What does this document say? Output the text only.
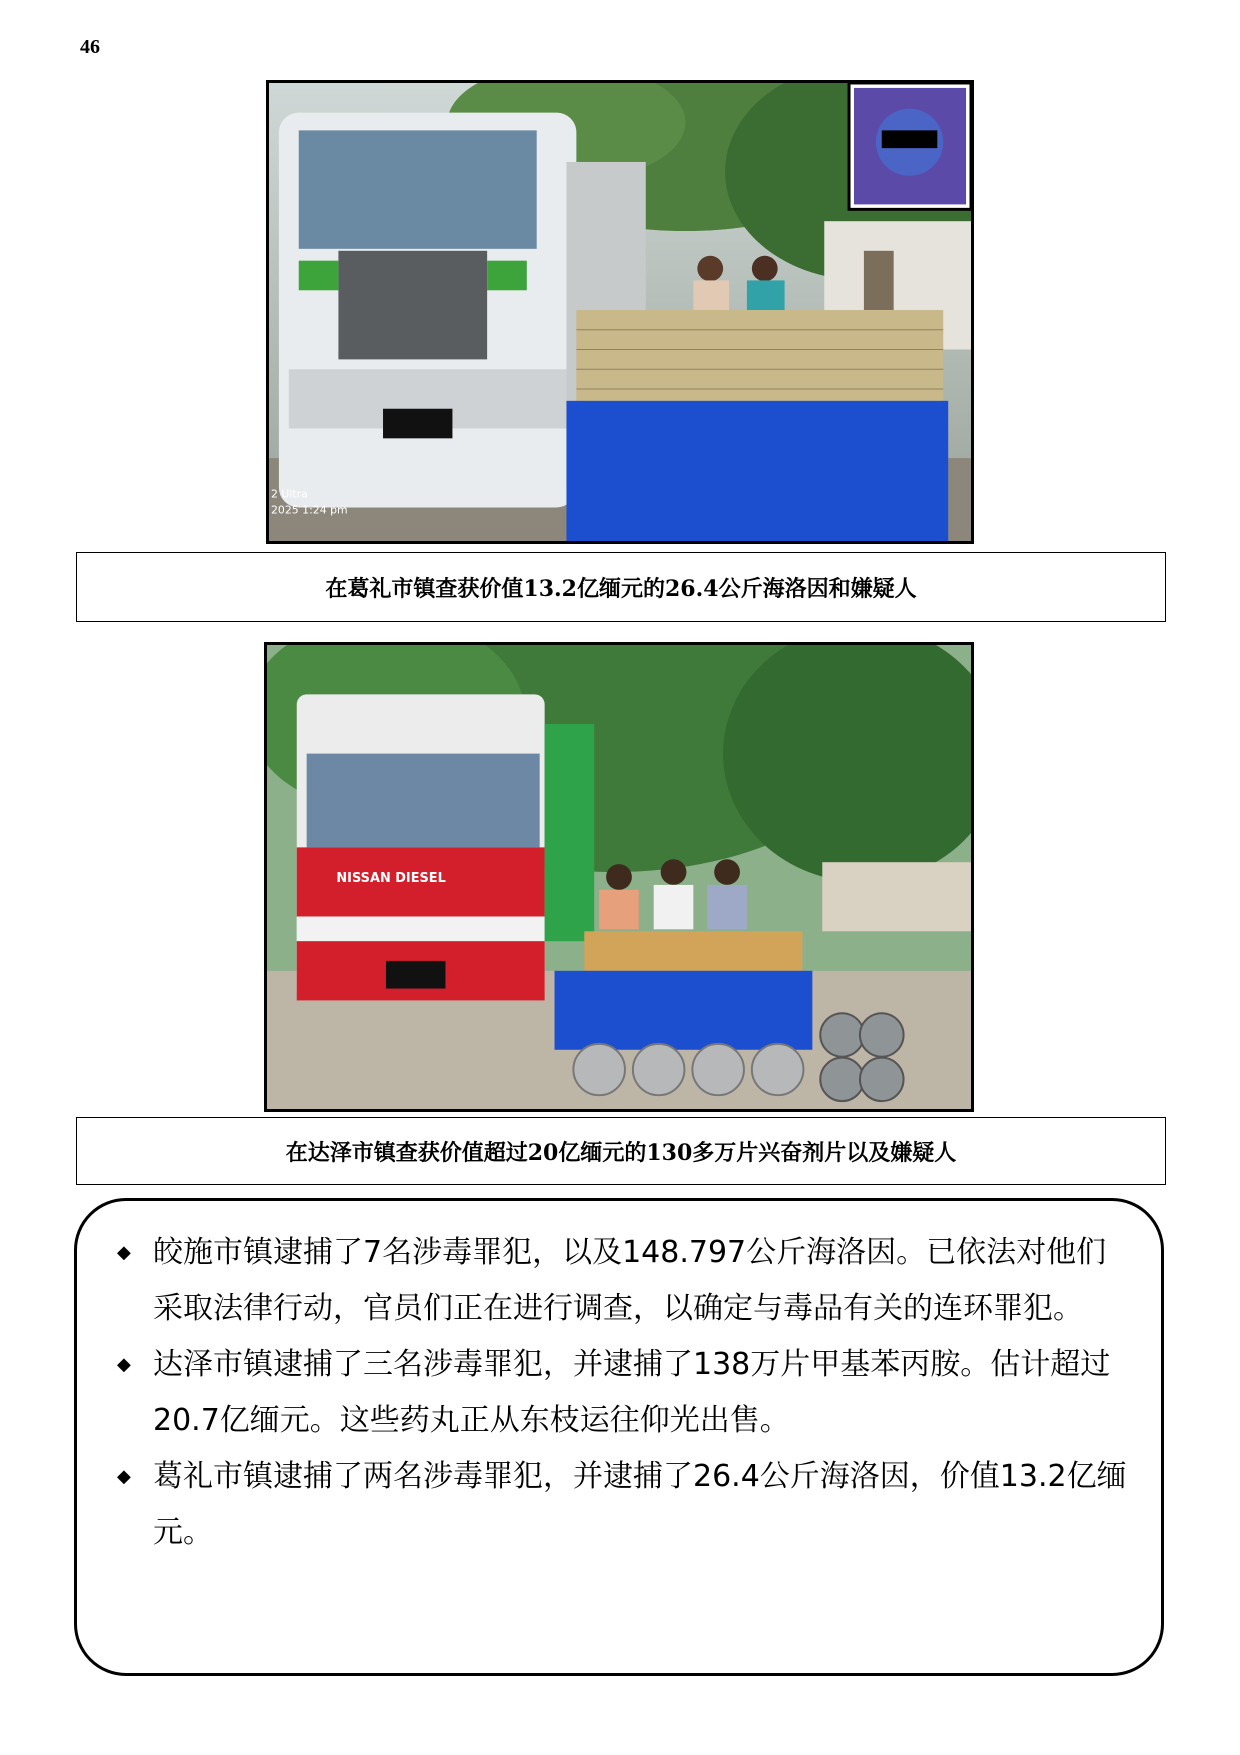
46
2 Ultra
2025 1:24 pm
在葛礼市镇查获价值13.2亿缅元的26.4公斤海洛因和嫌疑人
NISSAN DIESEL
在达泽市镇查获价值超过20亿缅元的130多万片兴奋剂片以及嫌疑人
◆ 皎施市镇逮捕了7名涉毒罪犯，以及148.797公斤海洛因。已依法对他们采取法律行动，官员们正在进行调查，以确定与毒品有关的连环罪犯。
◆ 达泽市镇逮捕了三名涉毒罪犯，并逮捕了138万片甲基苯丙胺。估计超过20.7亿缅元。这些药丸正从东枝运往仰光出售。
◆ 葛礼市镇逮捕了两名涉毒罪犯，并逮捕了26.4公斤海洛因，价值13.2亿缅元。
